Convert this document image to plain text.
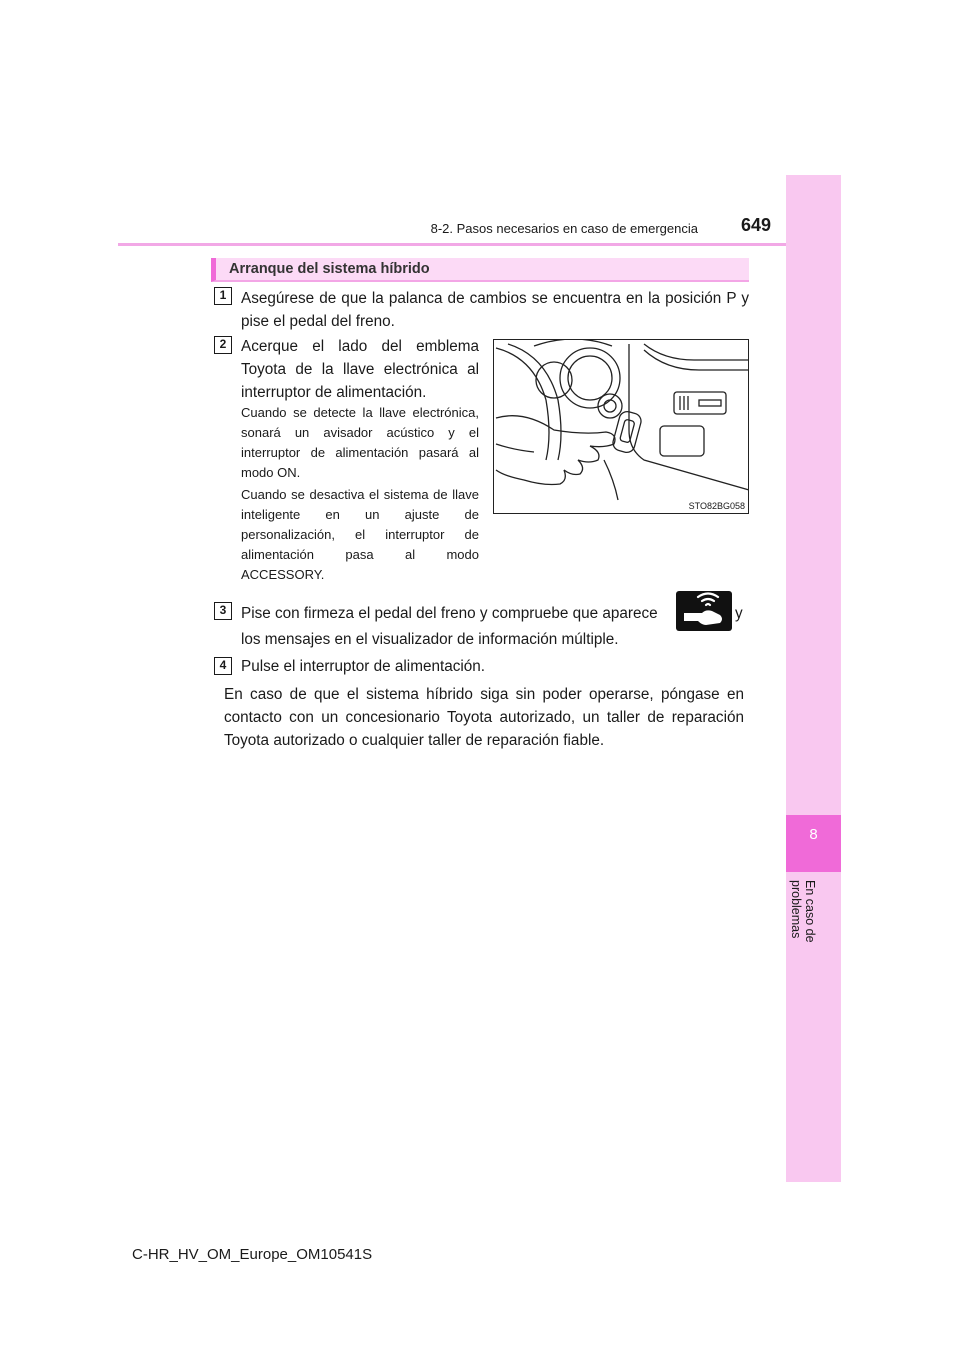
8-2. Pasos necesarios en caso de emergencia 649
8
En caso de problemas
Arranque del sistema híbrido
1 Asegúrese de que la palanca de cambios se encuentra en la posición P y pise el pedal del freno.
2 Acerque el lado del emblema Toyota de la llave electrónica al interruptor de alimentación.
Cuando se detecte la llave electrónica, sonará un avisador acústico y el interruptor de alimentación pasará al modo ON.
Cuando se desactiva el sistema de llave inteligente en un ajuste de personalización, el interruptor de alimentación pasa al modo ACCESSORY.
STO82BG058
3 Pise con firmeza el pedal del freno y compruebe que aparece	y
los mensajes en el visualizador de información múltiple.
4 Pulse el interruptor de alimentación.
En caso de que el sistema híbrido siga sin poder operarse, póngase en contacto con un concesionario Toyota autorizado, un taller de reparación Toyota autorizado o cualquier taller de reparación fiable.
C-HR_HV_OM_Europe_OM10541S
